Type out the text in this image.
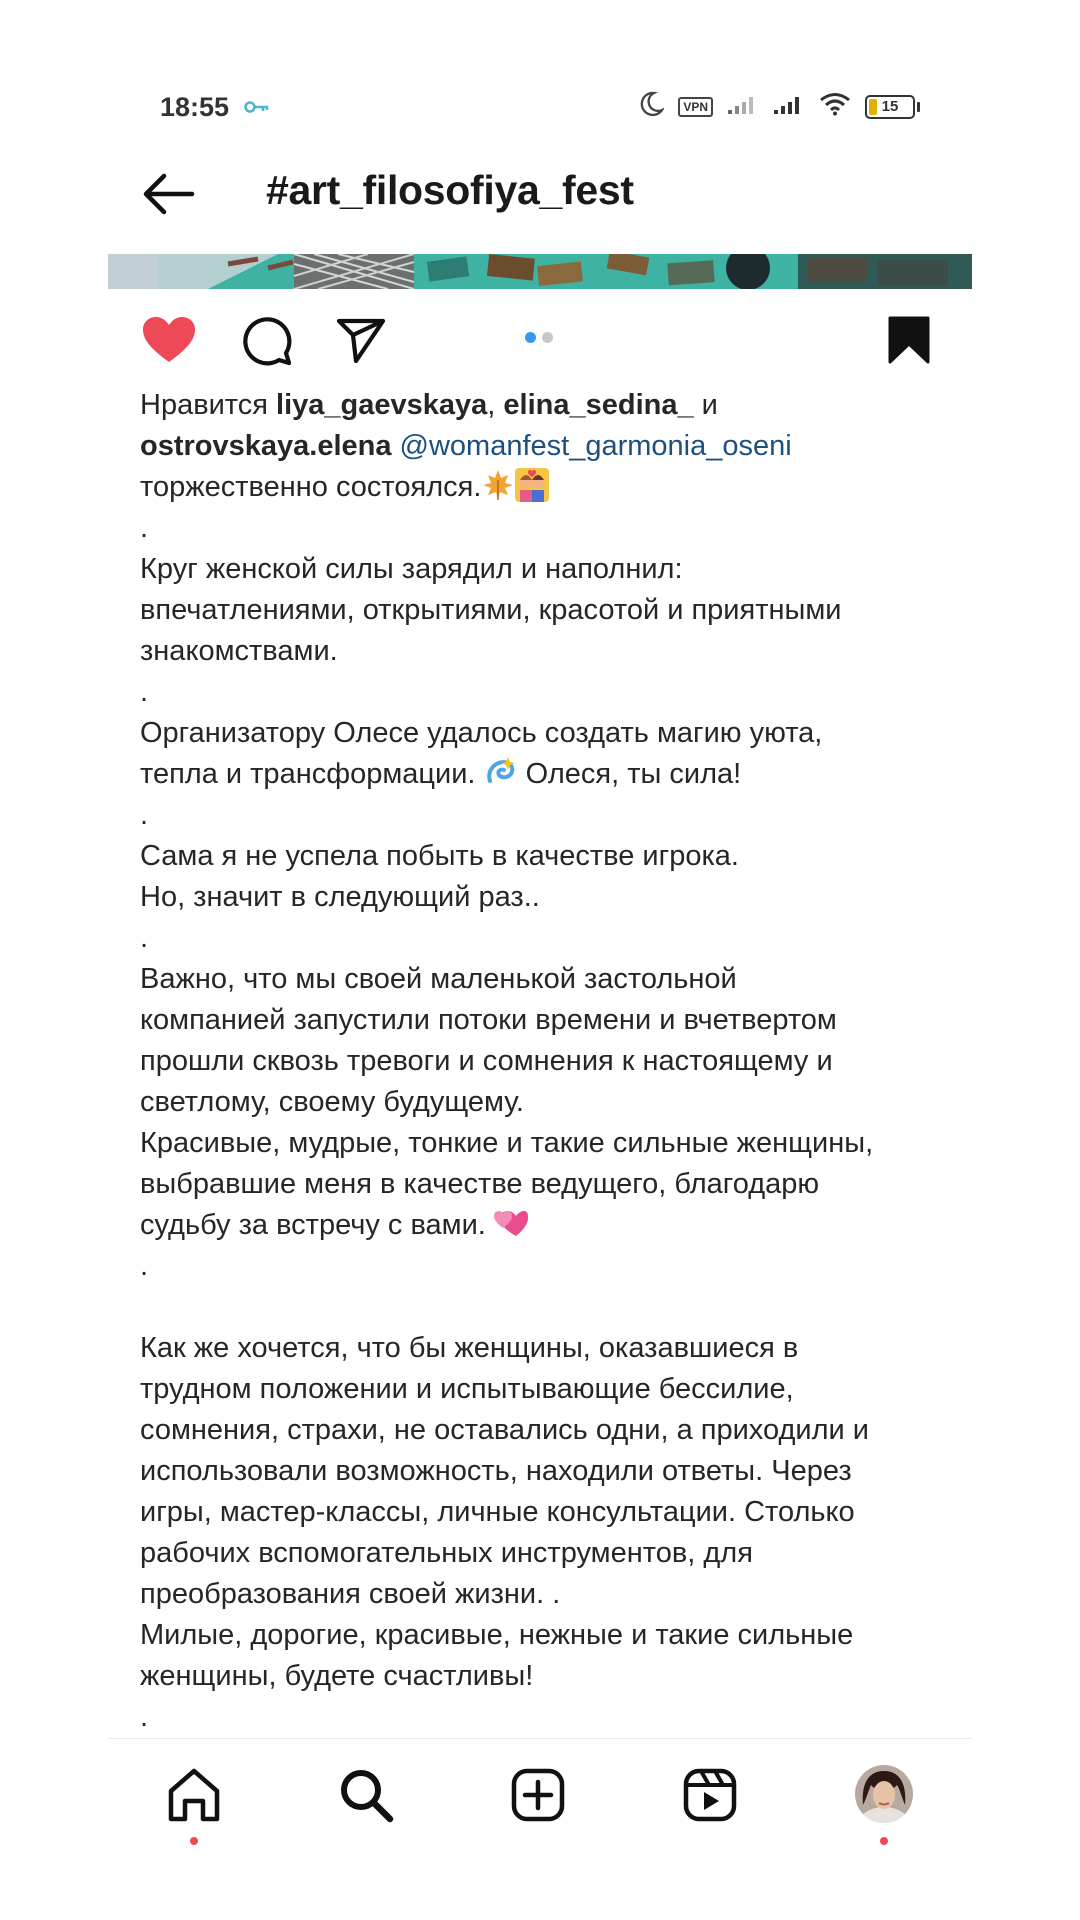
18:55	VPN	15
#art_filosofiya_fest

Нравится liya_gaevskaya, elina_sedina_ и

ostrovskaya.elena @womanfest_garmonia_oseni

торжественно состоялся.

.

Круг женской силы зарядил и наполнил:
впечатлениями, открытиями, красотой и приятными
знакомствами.

.

Организатору Олесе удалось создать магию уюта,
тепла и трансформации. Олеся, ты сила!

.

Сама я не успела побыть в качестве игрока.
Но, значит в следующий раз..

.

Важно, что мы своей маленькой застольной
компанией запустили потоки времени и вчетвертом
прошли сквозь тревоги и сомнения к настоящему и
светлому, своему будущему.
Красивые, мудрые, тонкие и такие сильные женщины,
выбравшие меня в качестве ведущего, благодарю
судьбу за встречу с вами.

.

Как же хочется, что бы женщины, оказавшиеся в
трудном положении и испытывающие бессилие,
сомнения, страхи, не оставались одни, а приходили и
использовали возможность, находили ответы. Через
игры, мастер-классы, личные консультации. Столько
рабочих вспомогательных инструментов, для
преобразования своей жизни. .
Милые, дорогие, красивые, нежные и такие сильные
женщины, будете счастливы!

.
